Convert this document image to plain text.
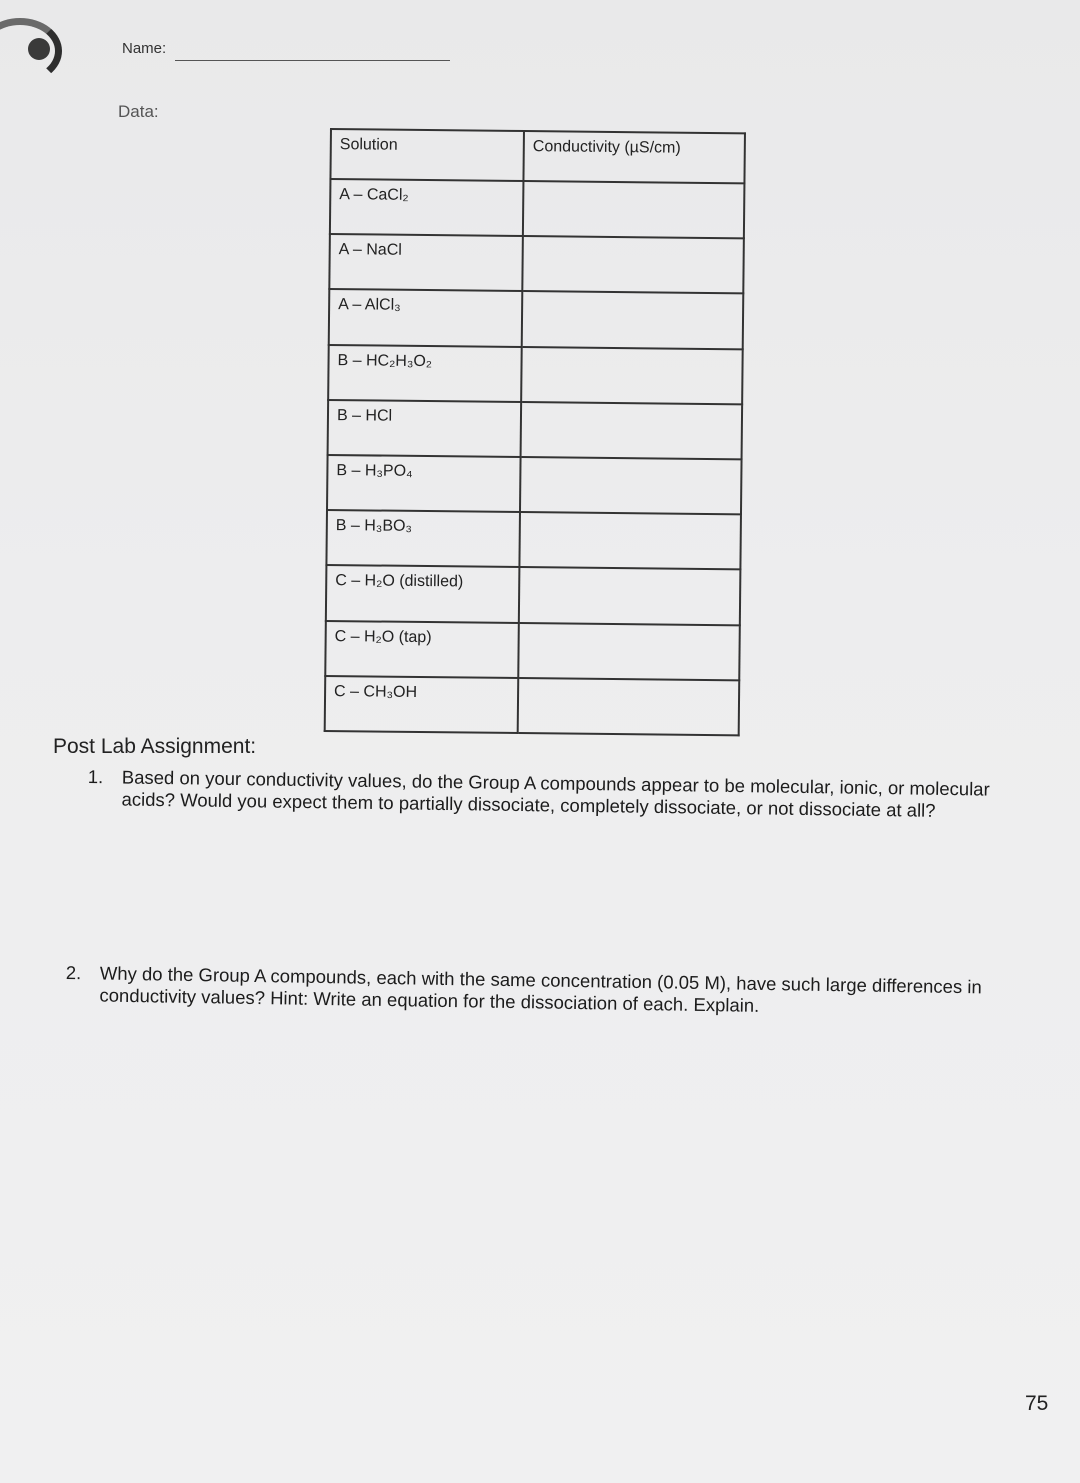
Name:
Data:
Solution	Conductivity (µS/cm)
A – CaCl₂	
A – NaCl	
A – AlCl₃	
B – HC₂H₃O₂	
B – HCl	
B – H₃PO₄	
B – H₃BO₃	
C – H₂O (distilled)	
C – H₂O (tap)	
C – CH₃OH	
Post Lab Assignment:
1. Based on your conductivity values, do the Group A compounds appear to be molecular, ionic, or molecular acids? Would you expect them to partially dissociate, completely dissociate, or not dissociate at all?
2. Why do the Group A compounds, each with the same concentration (0.05 M), have such large differences in conductivity values? Hint: Write an equation for the dissociation of each. Explain.
75
